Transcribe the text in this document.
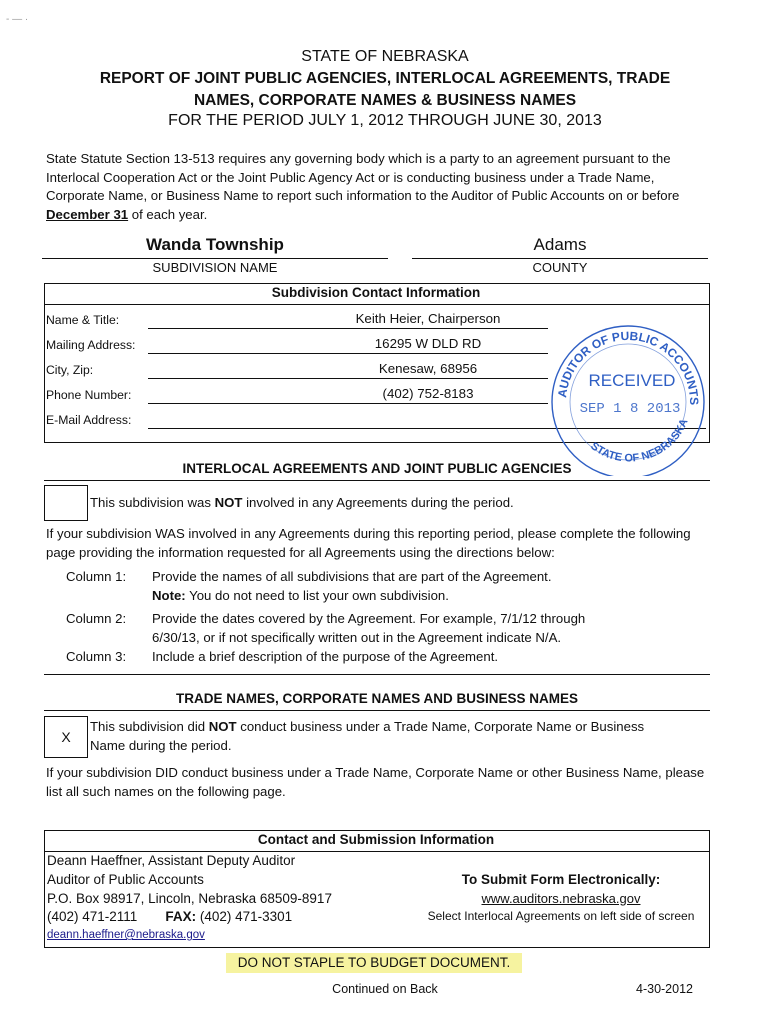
‑ — ·
STATE OF NEBRASKA
REPORT OF JOINT PUBLIC AGENCIES, INTERLOCAL AGREEMENTS, TRADE
NAMES, CORPORATE NAMES & BUSINESS NAMES
FOR THE PERIOD JULY 1, 2012 THROUGH JUNE 30, 2013
State Statute Section 13-513 requires any governing body which is a party to an agreement pursuant to the Interlocal Cooperation Act or the Joint Public Agency Act or is conducting business under a Trade Name, Corporate Name, or Business Name to report such information to the Auditor of Public Accounts on or before December 31 of each year.
Wanda Township	Adams
SUBDIVISION NAME	COUNTY
Subdivision Contact Information
Name & Title:	Keith Heier, Chairperson
Mailing Address:	16295 W DLD RD
City, Zip:	Kenesaw, 68956
Phone Number:	(402) 752-8183
E-Mail Address:
AUDITOR OF PUBLIC ACCOUNTS
STATE OF NEBRASKA
RECEIVED
SEP 1 8 2013
INTERLOCAL AGREEMENTS AND JOINT PUBLIC AGENCIES
This subdivision was NOT involved in any Agreements during the period.
If your subdivision WAS involved in any Agreements during this reporting period, please complete the following page providing the information requested for all Agreements using the directions below:
Column 1: Provide the names of all subdivisions that are part of the Agreement.
Note: You do not need to list your own subdivision.
Column 2: Provide the dates covered by the Agreement. For example, 7/1/12 through
6/30/13, or if not specifically written out in the Agreement indicate N/A.
Column 3: Include a brief description of the purpose of the Agreement.
TRADE NAMES, CORPORATE NAMES AND BUSINESS NAMES
X
This subdivision did NOT conduct business under a Trade Name, Corporate Name or Business
Name during the period.
If your subdivision DID conduct business under a Trade Name, Corporate Name or other Business Name, please list all such names on the following page.
Contact and Submission Information
Deann Haeffner, Assistant Deputy Auditor
Auditor of Public Accounts
P.O. Box 98917, Lincoln, Nebraska 68509-8917
(402) 471-2111 FAX: (402) 471-3301
deann.haeffner@nebraska.gov
To Submit Form Electronically:
www.auditors.nebraska.gov
Select Interlocal Agreements on left side of screen
DO NOT STAPLE TO BUDGET DOCUMENT.
Continued on Back	4-30-2012
